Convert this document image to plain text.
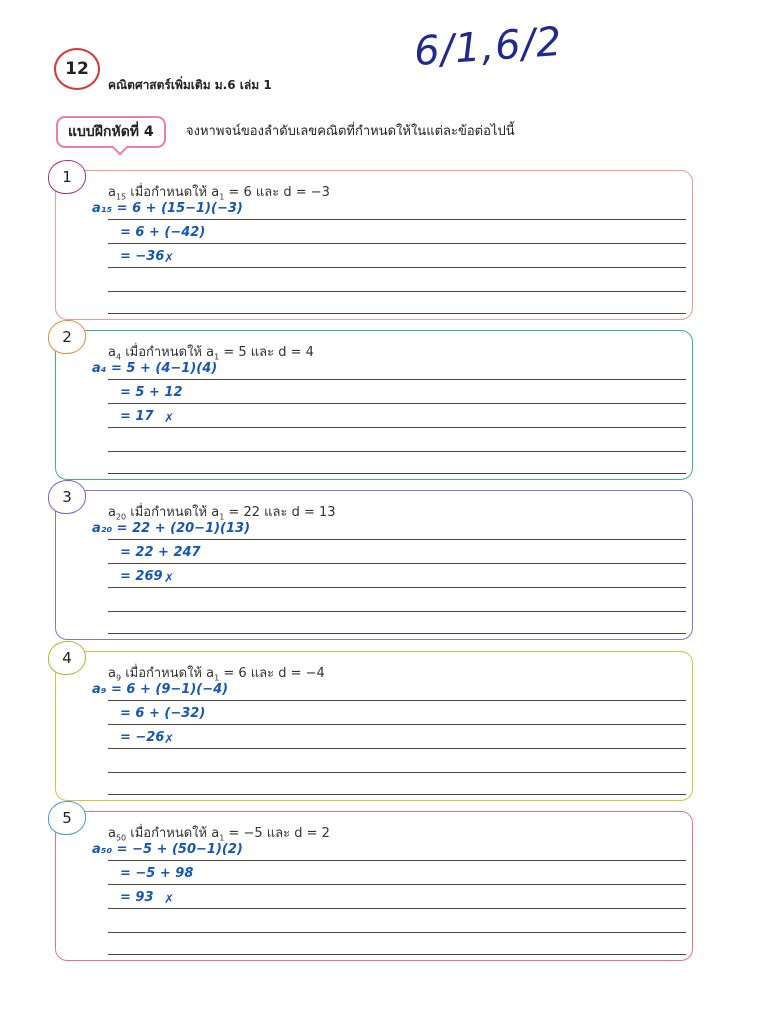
12
คณิตศาสตร์เพิ่มเติม ม.6 เล่ม 1
6/1,6/2
แบบฝึกหัดที่ 4	จงหาพจน์ของลำดับเลขคณิตที่กำหนดให้ในแต่ละข้อต่อไปนี้
1
$a_{15}$ เมื่อกำหนดให้ $a_1 = 6$ และ d = −3
a₁₅ = 6 + (15−1)(−3)
= 6 + (−42)
= −36 ✗
2
$a_4$ เมื่อกำหนดให้ $a_1 = 5$ และ d = 4
a₄ = 5 + (4−1)(4)
= 5 + 12
= 17 ✗
3
$a_{20}$ เมื่อกำหนดให้ $a_1 = 22$ และ d = 13
a₂₀ = 22 + (20−1)(13)
= 22 + 247
= 269 ✗
4
$a_9$ เมื่อกำหนดให้ $a_1 = 6$ และ d = −4
a₉ = 6 + (9−1)(−4)
= 6 + (−32)
= −26 ✗
5
$a_{50}$ เมื่อกำหนดให้ $a_1 = -5$ และ d = 2
a₅₀ = −5 + (50−1)(2)
= −5 + 98
= 93 ✗
